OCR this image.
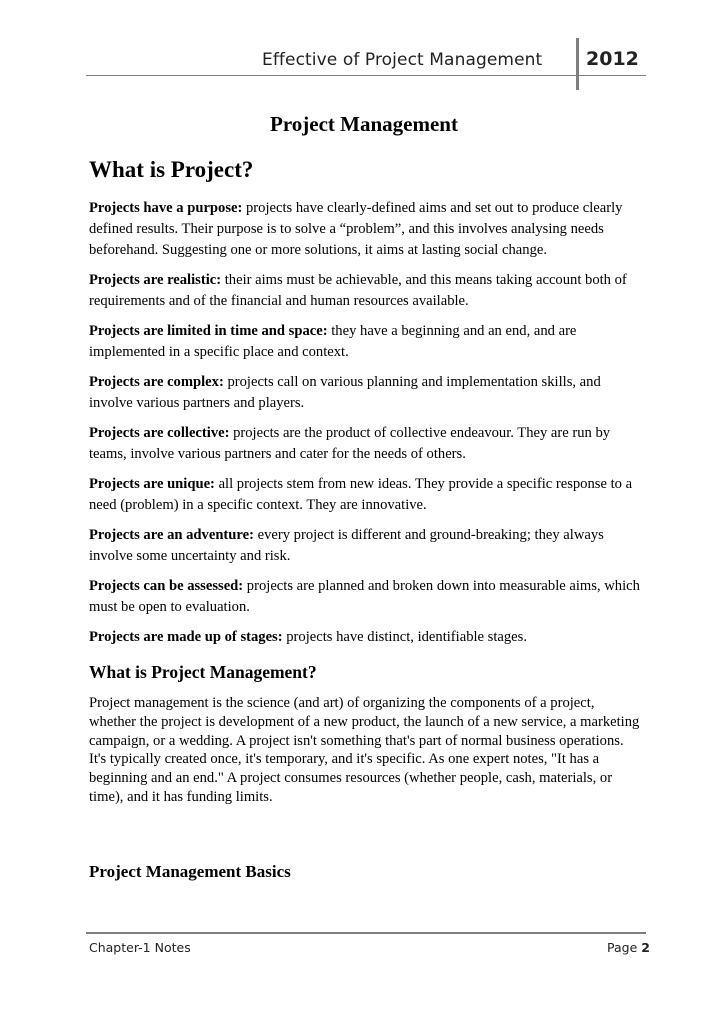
Effective of Project Management 2012
Project Management
What is Project?

Projects have a purpose: projects have clearly-defined aims and set out to produce clearly defined results. Their purpose is to solve a “problem”, and this involves analysing needs beforehand. Suggesting one or more solutions, it aims at lasting social change.

Projects are realistic: their aims must be achievable, and this means taking account both of requirements and of the financial and human resources available.

Projects are limited in time and space: they have a beginning and an end, and are implemented in a specific place and context.

Projects are complex: projects call on various planning and implementation skills, and involve various partners and players.

Projects are collective: projects are the product of collective endeavour. They are run by teams, involve various partners and cater for the needs of others.

Projects are unique: all projects stem from new ideas. They provide a specific response to a need (problem) in a specific context. They are innovative.

Projects are an adventure: every project is different and ground-breaking; they always involve some uncertainty and risk.

Projects can be assessed: projects are planned and broken down into measurable aims, which must be open to evaluation.

Projects are made up of stages: projects have distinct, identifiable stages.

What is Project Management?

Project management is the science (and art) of organizing the components of a project, whether the project is development of a new product, the launch of a new service, a marketing campaign, or a wedding. A project isn't something that's part of normal business operations. It's typically created once, it's temporary, and it's specific. As one expert notes, "It has a beginning and an end." A project consumes resources (whether people, cash, materials, or time), and it has funding limits.

Project Management Basics
Chapter-1 Notes	Page 2
